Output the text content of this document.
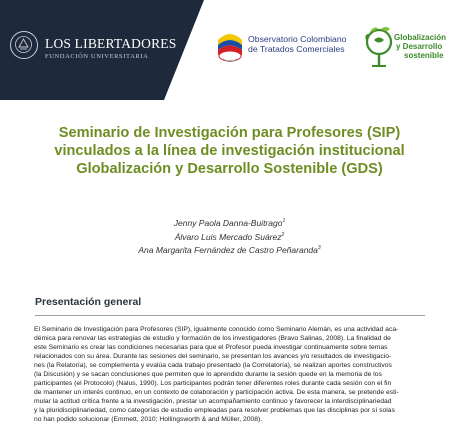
LOS LIBERTADORES
FUNDACIÓN UNIVERSITARIA
Observatorio Colombiano
de Tratados Comerciales
Globalización
y Desarrollo
sostenible
Seminario de Investigación para Profesores (SIP)
vinculados a la línea de investigación institucional
Globalización y Desarrollo Sostenible (GDS)
Jenny Paola Danna-Buitrago$^1$
Álvaro Luis Mercado Suárez$^2$
Ana Margarita Fernández de Castro Peñaranda$^3$
Presentación general
El Seminario de Investigación para Profesores (SIP), igualmente conocido como Seminario Alemán, es una actividad aca-
démica para renovar las estrategias de estudio y formación de los investigadores (Bravo Salinas, 2008). La finalidad de
este Seminario es crear las condiciones necesarias para que el Profesor pueda investigar continuamente sobre temas
relacionados con su área. Durante las sesiones del seminario, se presentan los avances y/o resultados de investigacio-
nes (la Relatoría), se complementa y evalúa cada trabajo presentado (la Correlatoría), se realizan aportes constructivos
(la Discusión) y se sacan conclusiones que permiten que lo aprendido durante la sesión quede en la memoria de los
participantes (el Protocolo) (Nalus, 1990). Los participantes podrán tener diferentes roles durante cada sesión con el fin
de mantener un interés continuo, en un contexto de colaboración y participación activa. De esta manera, se pretende esti-
mular la actitud crítica frente a la investigación, prestar un acompañamiento continuo y favorecer la interdisciplinariedad
y la pluridisciplinariedad, como categorías de estudio empleadas para resolver problemas que las disciplinas por sí solas
no han podido solucionar (Emmett, 2010; Hollingsworth & and Müller, 2008).
